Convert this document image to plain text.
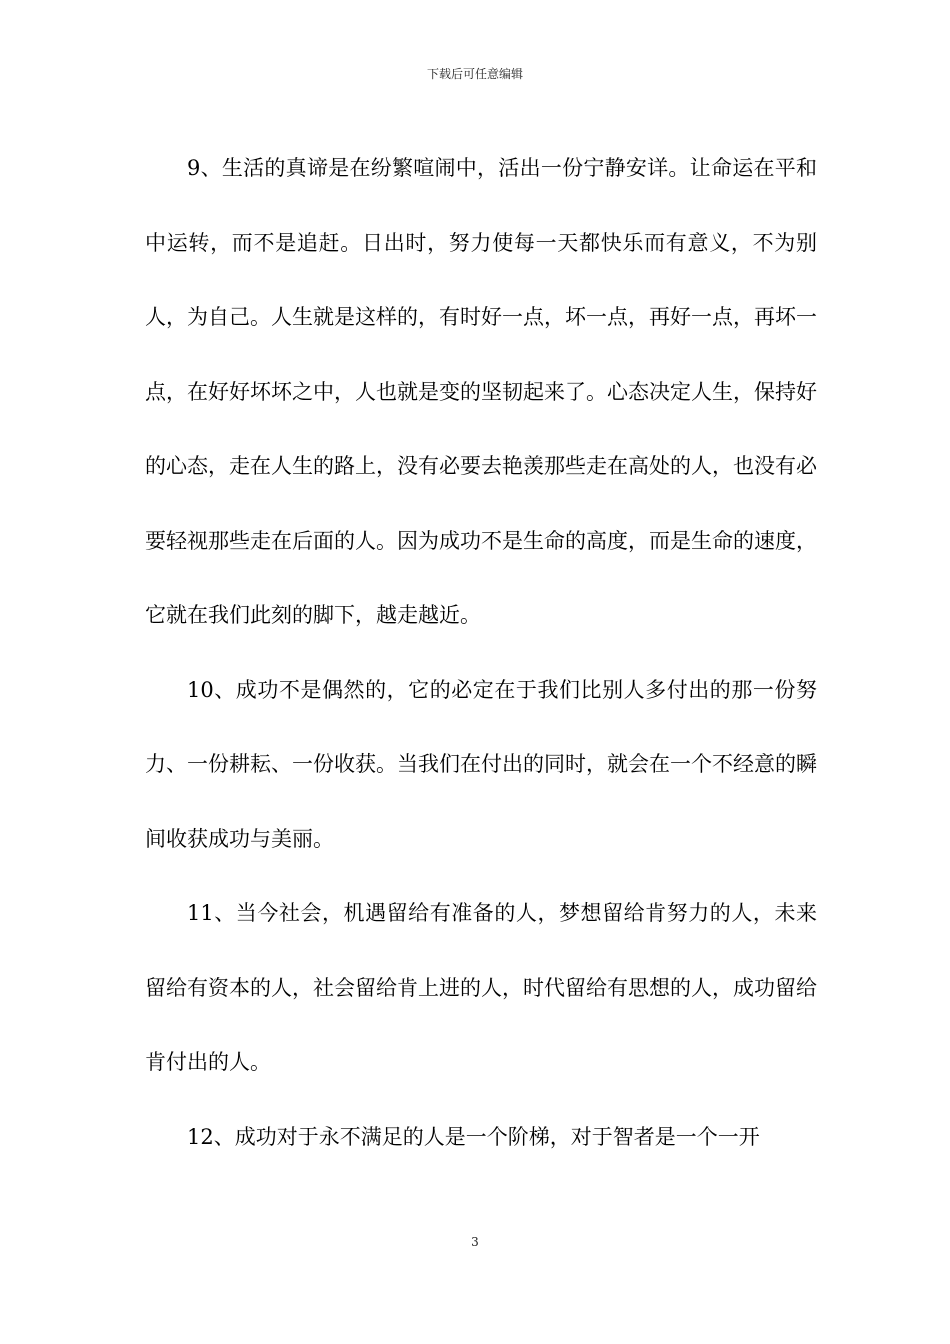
下载后可任意编辑

9、生活的真谛是在纷繁喧闹中，活出一份宁静安详。让命运在平和中运转，而不是追赶。日出时，努力使每一天都快乐而有意义，不为别人，为自己。人生就是这样的，有时好一点，坏一点，再好一点，再坏一点，在好好坏坏之中，人也就是变的坚韧起来了。心态决定人生，保持好的心态，走在人生的路上，没有必要去艳羡那些走在高处的人，也没有必要轻视那些走在后面的人。因为成功不是生命的高度，而是生命的速度，它就在我们此刻的脚下，越走越近。

10、成功不是偶然的，它的必定在于我们比别人多付出的那一份努力、一份耕耘、一份收获。当我们在付出的同时，就会在一个不经意的瞬间收获成功与美丽。

11、当今社会，机遇留给有准备的人，梦想留给肯努力的人，未来留给有资本的人，社会留给肯上进的人，时代留给有思想的人，成功留给肯付出的人。

12、成功对于永不满足的人是一个阶梯，对于智者是一个一开

3
